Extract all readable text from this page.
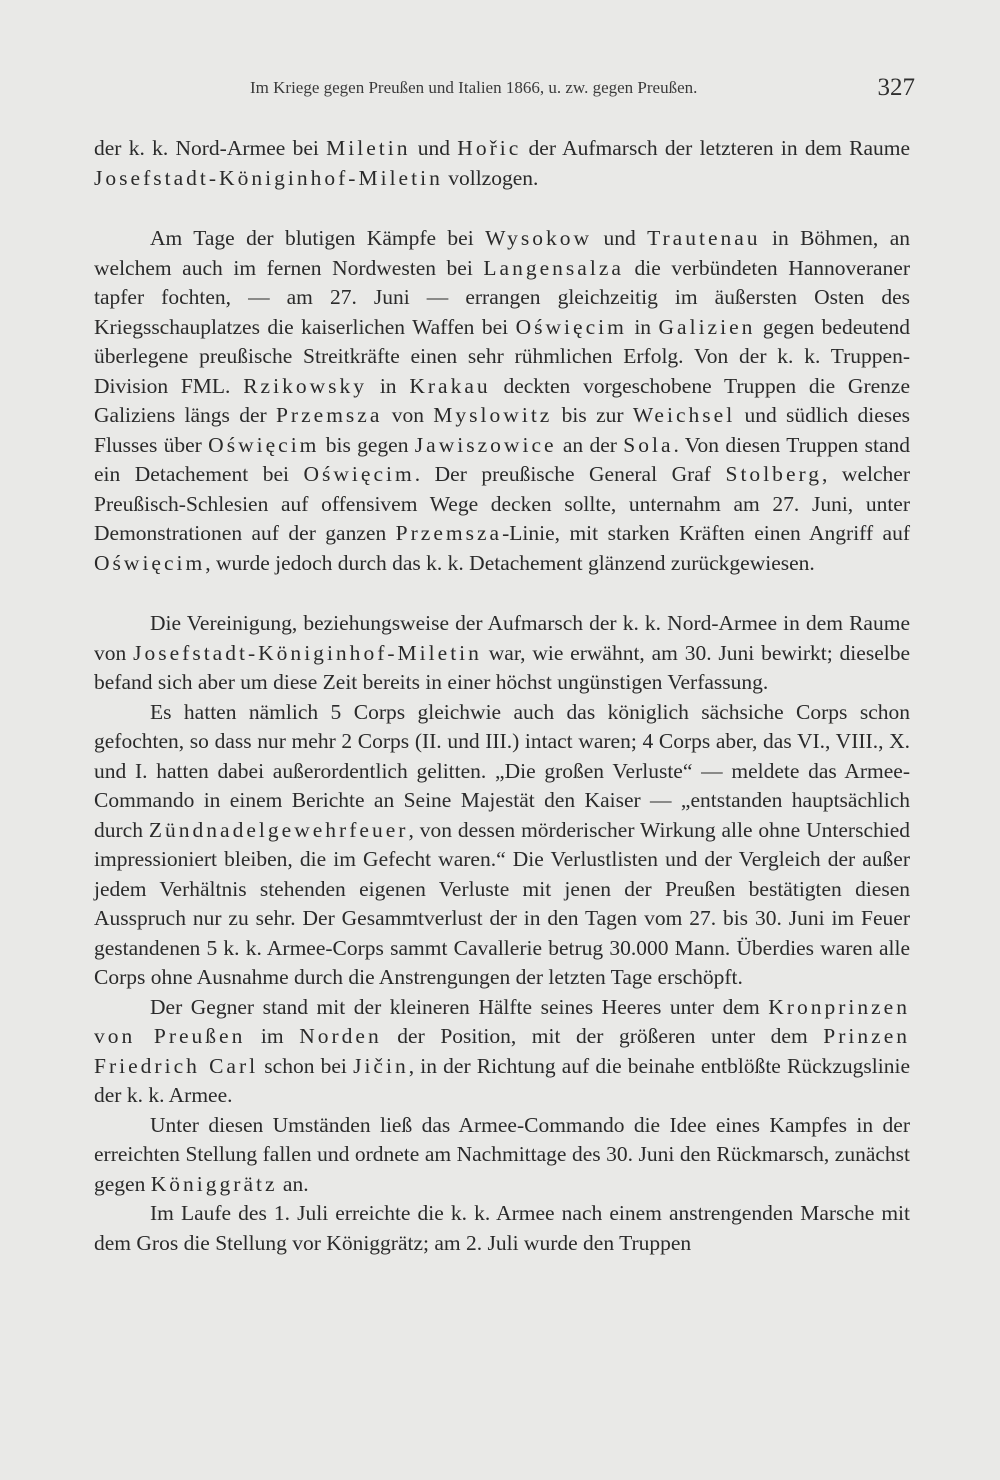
Im Kriege gegen Preußen und Italien 1866, u. zw. gegen Preußen.	327

der k. k. Nord-Armee bei Miletin und Hořic der Aufmarsch der letzteren in dem Raume Josefstadt-Königinhof-Miletin vollzogen.

Am Tage der blutigen Kämpfe bei Wysokow und Trautenau in Böhmen, an welchem auch im fernen Nordwesten bei Langensalza die verbündeten Hannoveraner tapfer fochten, — am 27. Juni — errangen gleichzeitig im äußersten Osten des Kriegsschauplatzes die kaiserlichen Waffen bei Oświęcim in Galizien gegen bedeutend überlegene preußische Streitkräfte einen sehr rühmlichen Erfolg. Von der k. k. Truppen-Division FML. Rzikowsky in Krakau deckten vorgeschobene Truppen die Grenze Galiziens längs der Przemsza von Myslowitz bis zur Weichsel und südlich dieses Flusses über Oświęcim bis gegen Jawiszowice an der Sola. Von diesen Truppen stand ein Detachement bei Oświęcim. Der preußische General Graf Stolberg, welcher Preußisch-Schlesien auf offensivem Wege decken sollte, unternahm am 27. Juni, unter Demonstrationen auf der ganzen Przemsza-Linie, mit starken Kräften einen Angriff auf Oświęcim, wurde jedoch durch das k. k. Detachement glänzend zurückgewiesen.

Die Vereinigung, beziehungsweise der Aufmarsch der k. k. Nord-Armee in dem Raume von Josefstadt-Königinhof-Miletin war, wie erwähnt, am 30. Juni bewirkt; dieselbe befand sich aber um diese Zeit bereits in einer höchst ungünstigen Verfassung.

Es hatten nämlich 5 Corps gleichwie auch das königlich sächsiche Corps schon gefochten, so dass nur mehr 2 Corps (II. und III.) intact waren; 4 Corps aber, das VI., VIII., X. und I. hatten dabei außerordentlich gelitten. „Die großen Verluste“ — meldete das Armee-Commando in einem Berichte an Seine Majestät den Kaiser — „entstanden hauptsächlich durch Zündnadelgewehrfeuer, von dessen mörderischer Wirkung alle ohne Unterschied impressioniert bleiben, die im Gefecht waren.“ Die Verlustlisten und der Vergleich der außer jedem Verhältnis stehenden eigenen Verluste mit jenen der Preußen bestätigten diesen Ausspruch nur zu sehr. Der Gesammtverlust der in den Tagen vom 27. bis 30. Juni im Feuer gestandenen 5 k. k. Armee-Corps sammt Cavallerie betrug 30.000 Mann. Überdies waren alle Corps ohne Ausnahme durch die Anstrengungen der letzten Tage erschöpft.

Der Gegner stand mit der kleineren Hälfte seines Heeres unter dem Kronprinzen von Preußen im Norden der Position, mit der größeren unter dem Prinzen Friedrich Carl schon bei Jičin, in der Richtung auf die beinahe entblößte Rückzugslinie der k. k. Armee.

Unter diesen Umständen ließ das Armee-Commando die Idee eines Kampfes in der erreichten Stellung fallen und ordnete am Nachmittage des 30. Juni den Rückmarsch, zunächst gegen Königgrätz an.

Im Laufe des 1. Juli erreichte die k. k. Armee nach einem anstrengenden Marsche mit dem Gros die Stellung vor Königgrätz; am 2. Juli wurde den Truppen
